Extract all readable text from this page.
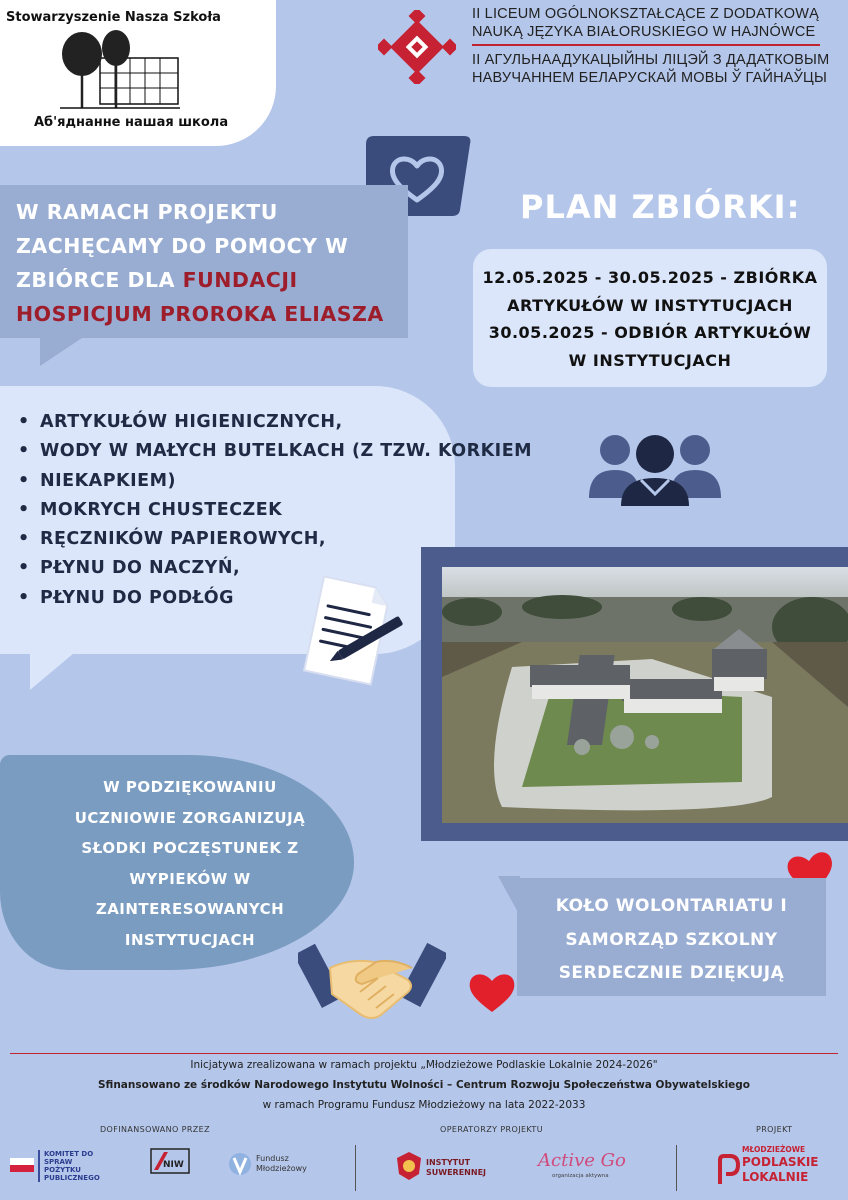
Stowarzyszenie Nasza Szkoła
Аб'яднанне нашая школа
II LICEUM OGÓLNOKSZTAŁCĄCE Z DODATKOWĄ
NAUKĄ JĘZYKA BIAŁORUSKIEGO W HAJNÓWCE
II АГУЛЬНААДУКАЦЫЙНЫ ЛІЦЭЙ З ДАДАТКОВЫМ
НАВУЧАННЕМ БЕЛАРУСКАЙ МОВЫ Ў ГАЙНАЎЦЫ
W RAMACH PROJEKTU ZACHĘCAMY DO POMOCY W ZBIÓRCE DLA FUNDACJI HOSPICJUM PROROKA ELIASZA
PLAN ZBIÓRKI:
12.05.2025 - 30.05.2025 - ZBIÓRKA
ARTYKUŁÓW W INSTYTUCJACH
30.05.2025 - ODBIÓR ARTYKUŁÓW
W INSTYTUCJACH
• ARTYKUŁÓW HIGIENICZNYCH,
• WODY W MAŁYCH BUTELKACH (Z TZW. KORKIEM
• NIEKAPKIEM)
• MOKRYCH CHUSTECZEK
• RĘCZNIKÓW PAPIEROWYCH,
• PŁYNU DO NACZYŃ,
• PŁYNU DO PODŁÓG
W PODZIĘKOWANIU
UCZNIOWIE ZORGANIZUJĄ
SŁODKI POCZĘSTUNEK Z
WYPIEKÓW W
ZAINTERESOWANYCH
INSTYTUCJACH
KOŁO WOLONTARIATU I
SAMORZĄD SZKOLNY
SERDECZNIE DZIĘKUJĄ
Inicjatywa zrealizowana w ramach projektu „Młodzieżowe Podlaskie Lokalnie 2024-2026"
Sfinansowano ze środków Narodowego Instytutu Wolności – Centrum Rozwoju Społeczeństwa Obywatelskiego
w ramach Programu Fundusz Młodzieżowy na lata 2022-2033
DOFINANSOWANO PRZEZ	OPERATORZY PROJEKTU	PROJEKT
KOMITET DO SPRAW POŻYTKU PUBLICZNEGO
NIW
Fundusz Młodzieżowy
INSTYTUT SUWERENNEJ
Active Go
organizacja aktywna
MŁODZIEŻOWE
PODLASKIE
LOKALNIE
